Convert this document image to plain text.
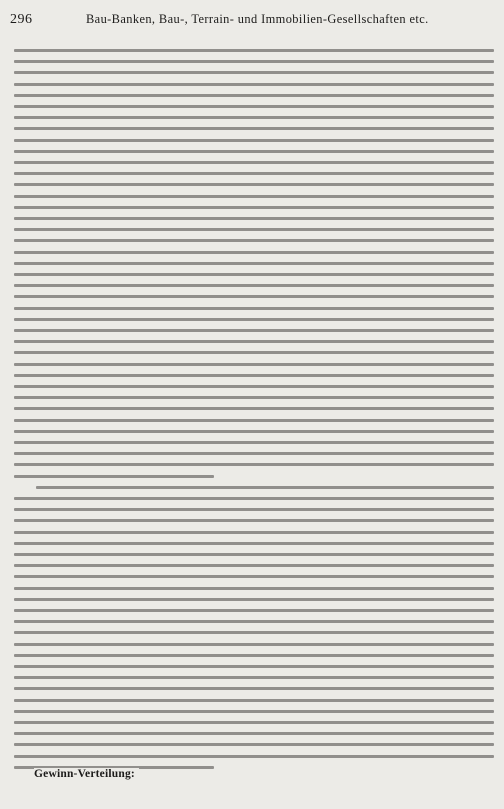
296	Bau-Banken, Bau-, Terrain- und Immobilien-Gesellschaften etc.
Gewinn-Verteilung:
